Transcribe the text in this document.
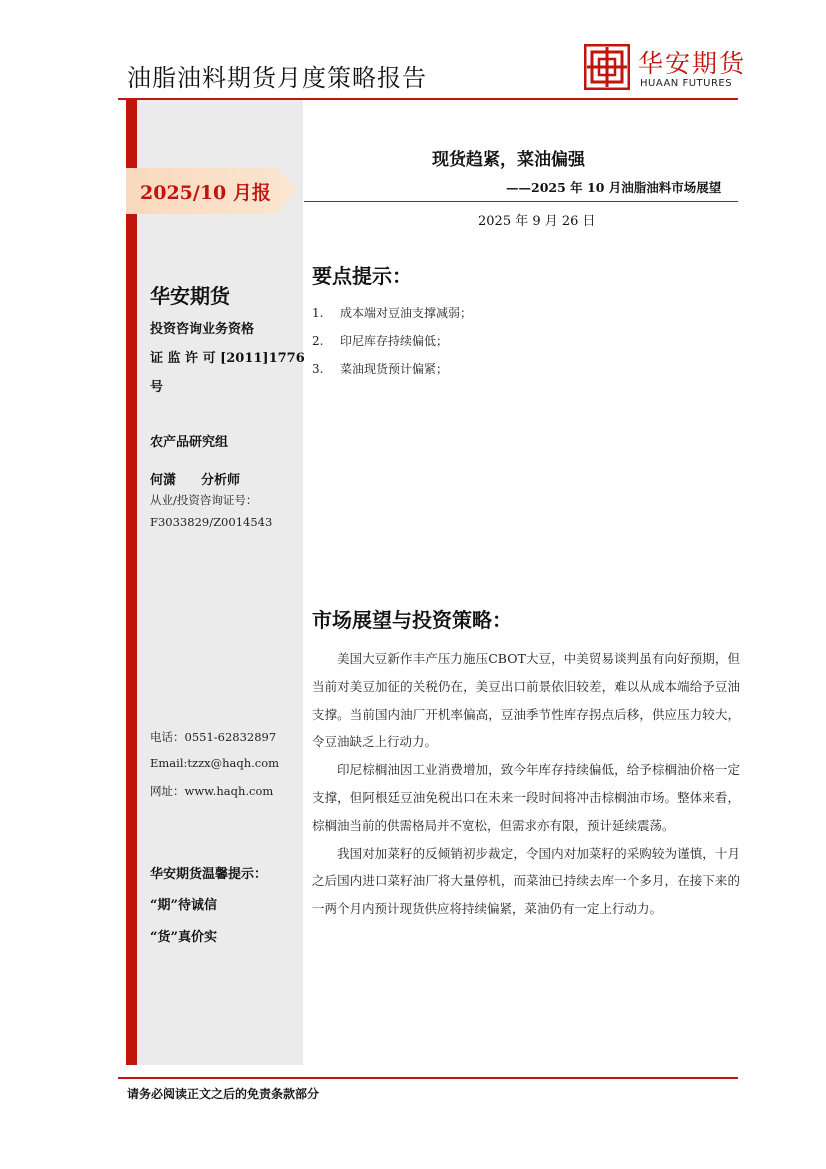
油脂油料期货月度策略报告	华安期货
HUAAN FUTURES
2025/10 月报
华安期货
投资咨询业务资格
证 监 许 可 [2011]1776
号
农产品研究组
何潇 分析师
从业/投资咨询证号：
F3033829/Z0014543
电话：0551-62832897
Email:tzzx@haqh.com
网址：www.haqh.com
华安期货温馨提示：
“期”待诚信
“货”真价实
现货趋紧，菜油偏强
——2025 年 10 月油脂油料市场展望
2025 年 9 月 26 日
要点提示：
1. 成本端对豆油支撑减弱；
2. 印尼库存持续偏低；
3. 菜油现货预计偏紧；
市场展望与投资策略：

美国大豆新作丰产压力施压CBOT大豆，中美贸易谈判虽有向好预期，但当前对美豆加征的关税仍在，美豆出口前景依旧较差，难以从成本端给予豆油支撑。当前国内油厂开机率偏高，豆油季节性库存拐点后移，供应压力较大，令豆油缺乏上行动力。

印尼棕榈油因工业消费增加，致今年库存持续偏低，给予棕榈油价格一定支撑，但阿根廷豆油免税出口在未来一段时间将冲击棕榈油市场。整体来看，棕榈油当前的供需格局并不宽松，但需求亦有限，预计延续震荡。

我国对加菜籽的反倾销初步裁定，令国内对加菜籽的采购较为谨慎，十月之后国内进口菜籽油厂将大量停机，而菜油已持续去库一个多月，在接下来的一两个月内预计现货供应将持续偏紧，菜油仍有一定上行动力。

请务必阅读正文之后的免责条款部分
